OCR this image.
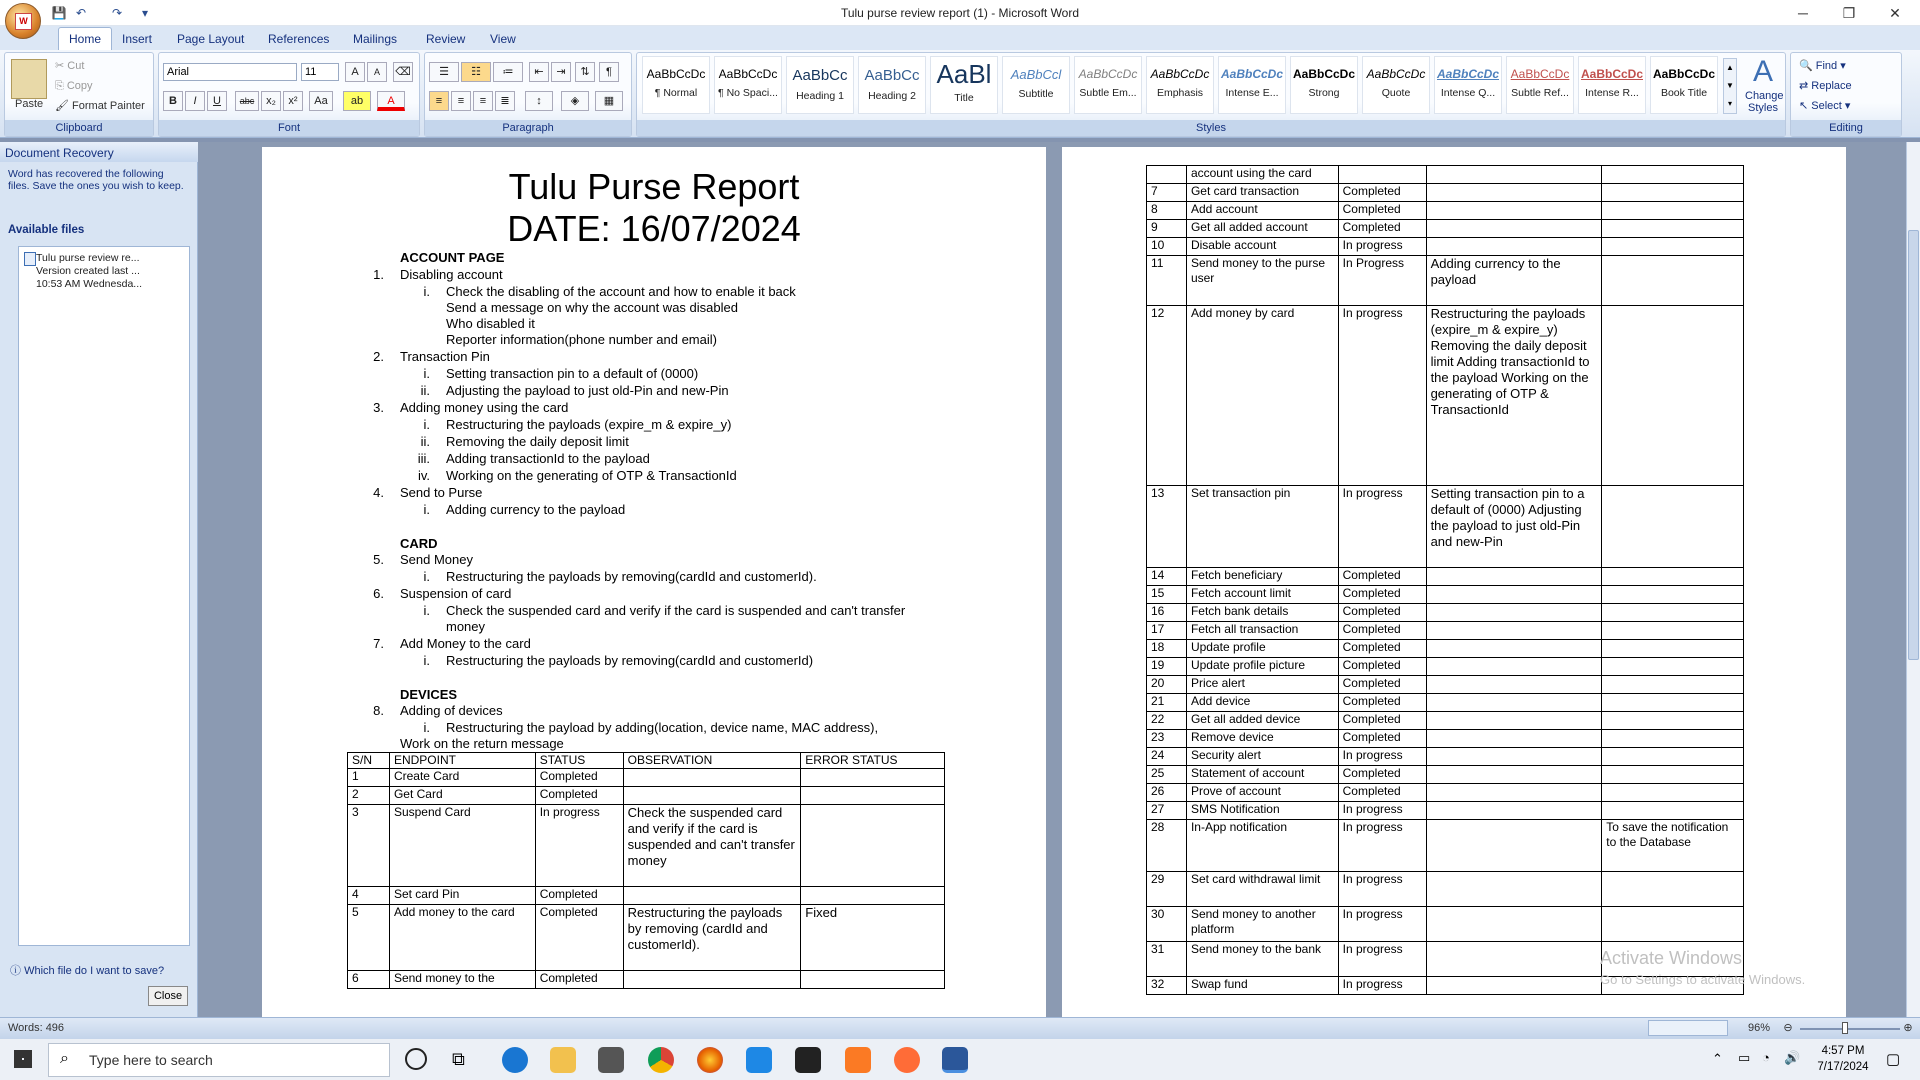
Tulu purse review report (1) - Microsoft Word
💾 ↶	↷	▾	─	❐	✕
W
Home	Insert	Page Layout	References	Mailings	Review	View
Paste
✂ Cut
⎘ Copy
🖌 Format Painter
Clipboard
Arial	11	A	A	⌫
B	I	U	abc	x₂	x²	Aa	ab	A
Font
☰	☷	≔	⇤	⇥	⇅	¶
≡	≡	≡	≣	↕	◈	▦
Paragraph	Styles
AaBbCcDc
¶ Normal
AaBbCcDc
¶ No Spaci...
AaBbCc
Heading 1
AaBbCc
Heading 2
AaBl
Title
AaBbCcl
Subtitle
AaBbCcDc
Subtle Em...
AaBbCcDc
Emphasis
AaBbCcDc
Intense E...
AaBbCcDc
Strong
AaBbCcDc
Quote
AaBbCcDc
Intense Q...
AaBbCcDc
Subtle Ref...
AaBbCcDc
Intense R...
AaBbCcDc
Book Title
▲
▼
▾
A
Change Styles
🔍 Find ▾
⇄ Replace
↖ Select ▾
Editing
Document Recovery
Word has recovered the following files. Save the ones you wish to keep.
Available files
Tulu purse review re...
Version created last ...
10:53 AM Wednesda...
ⓘ Which file do I want to save?
Close
Tulu Purse Report
DATE: 16/07/2024
ACCOUNT PAGE
1. Disabling account
i. Check the disabling of the account and how to enable it back
Send a message on why the account was disabled
Who disabled it
Reporter information(phone number and email)
2. Transaction Pin
i. Setting transaction pin to a default of (0000)
ii. Adjusting the payload to just old-Pin and new-Pin
3. Adding money using the card
i. Restructuring the payloads (expire_m & expire_y)
ii. Removing the daily deposit limit
iii. Adding transactionId to the payload
iv. Working on the generating of OTP & TransactionId
4. Send to Purse
i. Adding currency to the payload
CARD
5. Send Money
i. Restructuring the payloads by removing(cardId and customerId).
6. Suspension of card
i. Check the suspended card and verify if the card is suspended and can't transfer
money
7. Add Money to the card
i. Restructuring the payloads by removing(cardId and customerId)
DEVICES
8. Adding of devices
i. Restructuring the payload by adding(location, device name, MAC address),
Work on the return message
S/N	ENDPOINT	STATUS	OBSERVATION	ERROR STATUS
1	Create Card	Completed		
2	Get Card	Completed		
3	Suspend Card	In progress	Check the suspended card and verify if the card is suspended and can't transfer money	
4	Set card Pin	Completed		
5	Add money to the card	Completed	Restructuring the payloads by removing (cardId and customerId).	Fixed
6	Send money to the	Completed		
	account using the card			
7	Get card transaction	Completed		
8	Add account	Completed		
9	Get all added account	Completed		
10	Disable account	In progress		
11	Send money to the purse user	In Progress	Adding currency to the payload	
12	Add money by card	In progress	Restructuring the payloads (expire_m & expire_y) Removing the daily deposit limit Adding transactionId to the payload Working on the generating of OTP & TransactionId	
13	Set transaction pin	In progress	Setting transaction pin to a default of (0000) Adjusting the payload to just old-Pin and new-Pin	
14	Fetch beneficiary	Completed		
15	Fetch account limit	Completed		
16	Fetch bank details	Completed		
17	Fetch all transaction	Completed		
18	Update profile	Completed		
19	Update profile picture	Completed		
20	Price alert	Completed		
21	Add device	Completed		
22	Get all added device	Completed		
23	Remove device	Completed		
24	Security alert	In progress		
25	Statement of account	Completed		
26	Prove of account	Completed		
27	SMS Notification	In progress		
28	In-App notification	In progress		To save the notification to the Database
29	Set card withdrawal limit	In progress		
30	Send money to another platform	In progress		
31	Send money to the bank	In progress		
32	Swap fund	In progress		
Activate Windows
Go to Settings to activate Windows.
Words: 496	96%	⊖	⊕
Type here to search
⌕	⧉	⌃ ▭ ◔ 🔊	4:57 PM
7/17/2024	▢
